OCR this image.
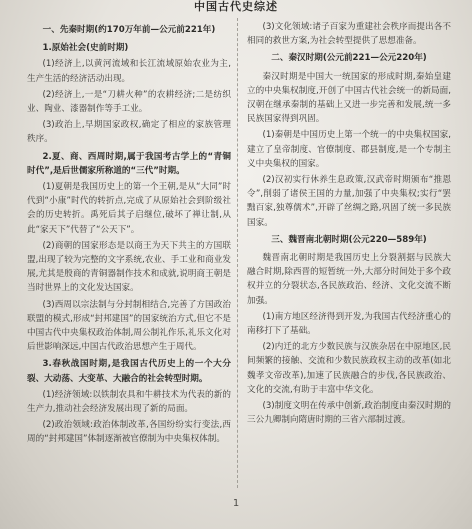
中国古代史综述

一、先秦时期(约170万年前—公元前221年)

1.原始社会(史前时期)

(1)经济上,以黄河流域和长江流域原始农业为主,生产生活的经济活动出现。

(2)经济上,一是“刀耕火种”的农耕经济;二是纺织业、陶业、漆器制作等手工业。

(3)政治上,早期国家政权,确定了相应的家族管理秩序。

2.夏、商、西周时期,属于我国考古学上的“青铜时代”,是后世儒家所称道的“三代”时期。

(1)夏朝是我国历史上的第一个王朝,是从“大同”时代到“小康”时代的转折点,完成了从原始社会到阶级社会的历史转折。禹死后其子启继位,破坏了禅让制,从此“家天下”代替了“公天下”。

(2)商朝的国家形态是以商王为天下共主的方国联盟,出现了较为完整的文字系统,农业、手工业和商业发展,尤其是殷商的青铜器制作技术和成就,说明商王朝是当时世界上的文化发达国家。

(3)西周以宗法制与分封制相结合,完善了方国政治联盟的模式,形成“封邦建国”的国家统治方式,但它不是中国古代中央集权政治体制,周公制礼作乐,礼乐文化对后世影响深远,中国古代政治思想产生于周代。

3.春秋战国时期,是我国古代历史上的一个大分裂、大动荡、大变革、大融合的社会转型时期。

(1)经济领域:以铁制农具和牛耕技术为代表的新的生产力,推动社会经济发展出现了新的局面。

(2)政治领域:政治体制改革,各国纷纷实行变法,西周的“封邦建国”体制逐渐被官僚制为中央集权体制。

(3)文化领域:诸子百家为重建社会秩序而提出各不相同的救世方案,为社会转型提供了思想准备。

二、秦汉时期(公元前221—公元220年)

秦汉时期是中国大一统国家的形成时期,秦始皇建立的中央集权制度,开创了中国古代社会统一的新局面,汉朝在继承秦制的基础上又进一步完善和发展,统一多民族国家得到巩固。

(1)秦朝是中国历史上第一个统一的中央集权国家,建立了皇帝制度、官僚制度、郡县制度,是一个专制主义中央集权的国家。

(2)汉初实行休养生息政策,汉武帝时期颁布“推恩令”,削弱了诸侯王国的力量,加强了中央集权;实行“罢黜百家,独尊儒术”,开辟了丝绸之路,巩固了统一多民族国家。

三、魏晋南北朝时期(公元220—589年)

魏晋南北朝时期是我国历史上分裂割据与民族大融合时期,除西晋的短暂统一外,大部分时间处于多个政权并立的分裂状态,各民族政治、经济、文化交流不断加强。

(1)南方地区经济得到开发,为我国古代经济重心的南移打下了基础。

(2)内迁的北方少数民族与汉族杂居在中原地区,民间频繁的接触、交流和少数民族政权主动的改革(如北魏孝文帝改革),加速了民族融合的步伐,各民族政治、文化的交流,有助于丰富中华文化。

(3)制度文明在传承中创新,政治制度由秦汉时期的三公九卿制向隋唐时期的三省六部制过渡。

1
